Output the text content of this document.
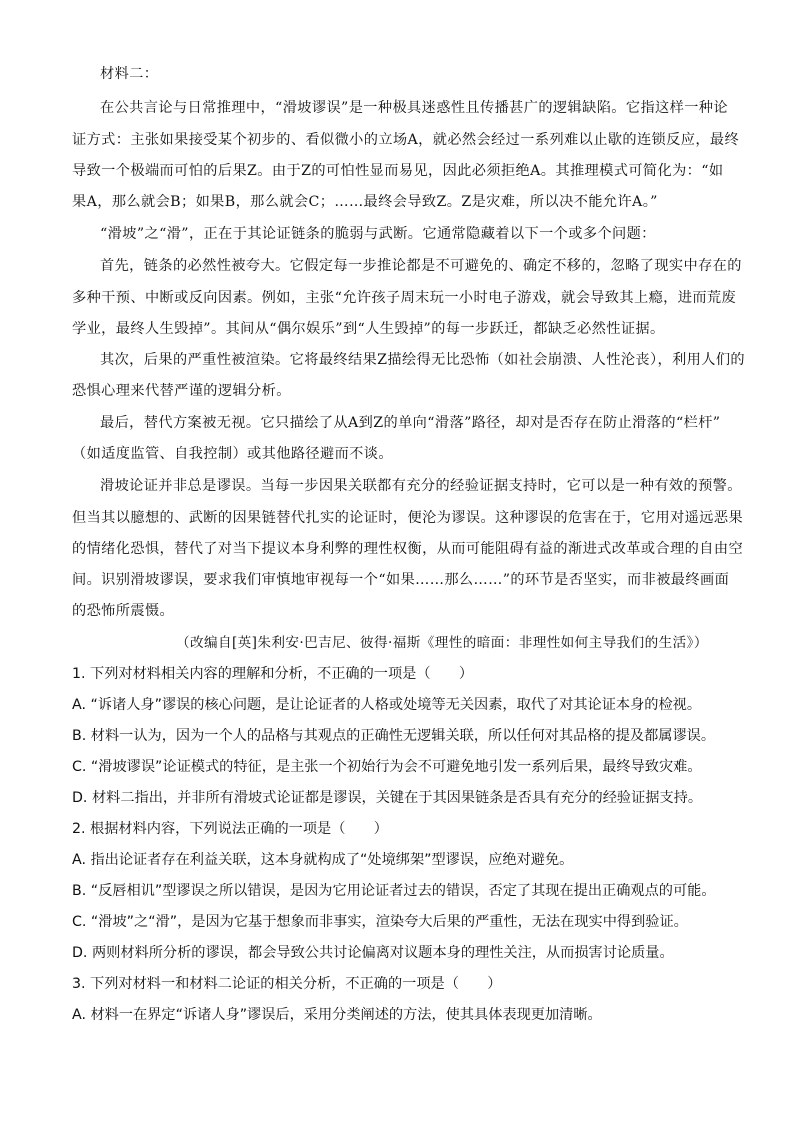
材料二：
在公共言论与日常推理中，“滑坡谬误”是一种极具迷惑性且传播甚广的逻辑缺陷。它指这样一种论
证方式：主张如果接受某个初步的、看似微小的立场A，就必然会经过一系列难以止歇的连锁反应，最终
导致一个极端而可怕的后果Z。由于Z的可怕性显而易见，因此必须拒绝A。其推理模式可简化为：“如
果A，那么就会B；如果B，那么就会C；……最终会导致Z。Z是灾难，所以决不能允许A。”
“滑坡”之“滑”，正在于其论证链条的脆弱与武断。它通常隐藏着以下一个或多个问题：
首先，链条的必然性被夸大。它假定每一步推论都是不可避免的、确定不移的，忽略了现实中存在的
多种干预、中断或反向因素。例如，主张“允许孩子周末玩一小时电子游戏，就会导致其上瘾，进而荒废
学业，最终人生毁掉”。其间从“偶尔娱乐”到“人生毁掉”的每一步跃迁，都缺乏必然性证据。
其次，后果的严重性被渲染。它将最终结果Z描绘得无比恐怖（如社会崩溃、人性沦丧），利用人们的
恐惧心理来代替严谨的逻辑分析。
最后，替代方案被无视。它只描绘了从A到Z的单向“滑落”路径，却对是否存在防止滑落的“栏杆”
（如适度监管、自我控制）或其他路径避而不谈。
滑坡论证并非总是谬误。当每一步因果关联都有充分的经验证据支持时，它可以是一种有效的预警。
但当其以臆想的、武断的因果链替代扎实的论证时，便沦为谬误。这种谬误的危害在于，它用对遥远恶果
的情绪化恐惧，替代了对当下提议本身利弊的理性权衡，从而可能阻碍有益的渐进式改革或合理的自由空
间。识别滑坡谬误，要求我们审慎地审视每一个“如果……那么……”的环节是否坚实，而非被最终画面
的恐怖所震慑。
（改编自[英]朱利安·巴吉尼、彼得·福斯《理性的暗面：非理性如何主导我们的生活》）
1. 下列对材料相关内容的理解和分析，不正确的一项是（　　）
A. “诉诸人身”谬误的核心问题，是让论证者的人格或处境等无关因素，取代了对其论证本身的检视。
B. 材料一认为，因为一个人的品格与其观点的正确性无逻辑关联，所以任何对其品格的提及都属谬误。
C. “滑坡谬误”论证模式的特征，是主张一个初始行为会不可避免地引发一系列后果，最终导致灾难。
D. 材料二指出，并非所有滑坡式论证都是谬误，关键在于其因果链条是否具有充分的经验证据支持。
2. 根据材料内容，下列说法正确的一项是（　　）
A. 指出论证者存在利益关联，这本身就构成了“处境绑架”型谬误，应绝对避免。
B. “反唇相讥”型谬误之所以错误，是因为它用论证者过去的错误，否定了其现在提出正确观点的可能。
C. “滑坡”之“滑”，是因为它基于想象而非事实，渲染夸大后果的严重性，无法在现实中得到验证。
D. 两则材料所分析的谬误，都会导致公共讨论偏离对议题本身的理性关注，从而损害讨论质量。
3. 下列对材料一和材料二论证的相关分析，不正确的一项是（　　）
A. 材料一在界定“诉诸人身”谬误后，采用分类阐述的方法，使其具体表现更加清晰。
